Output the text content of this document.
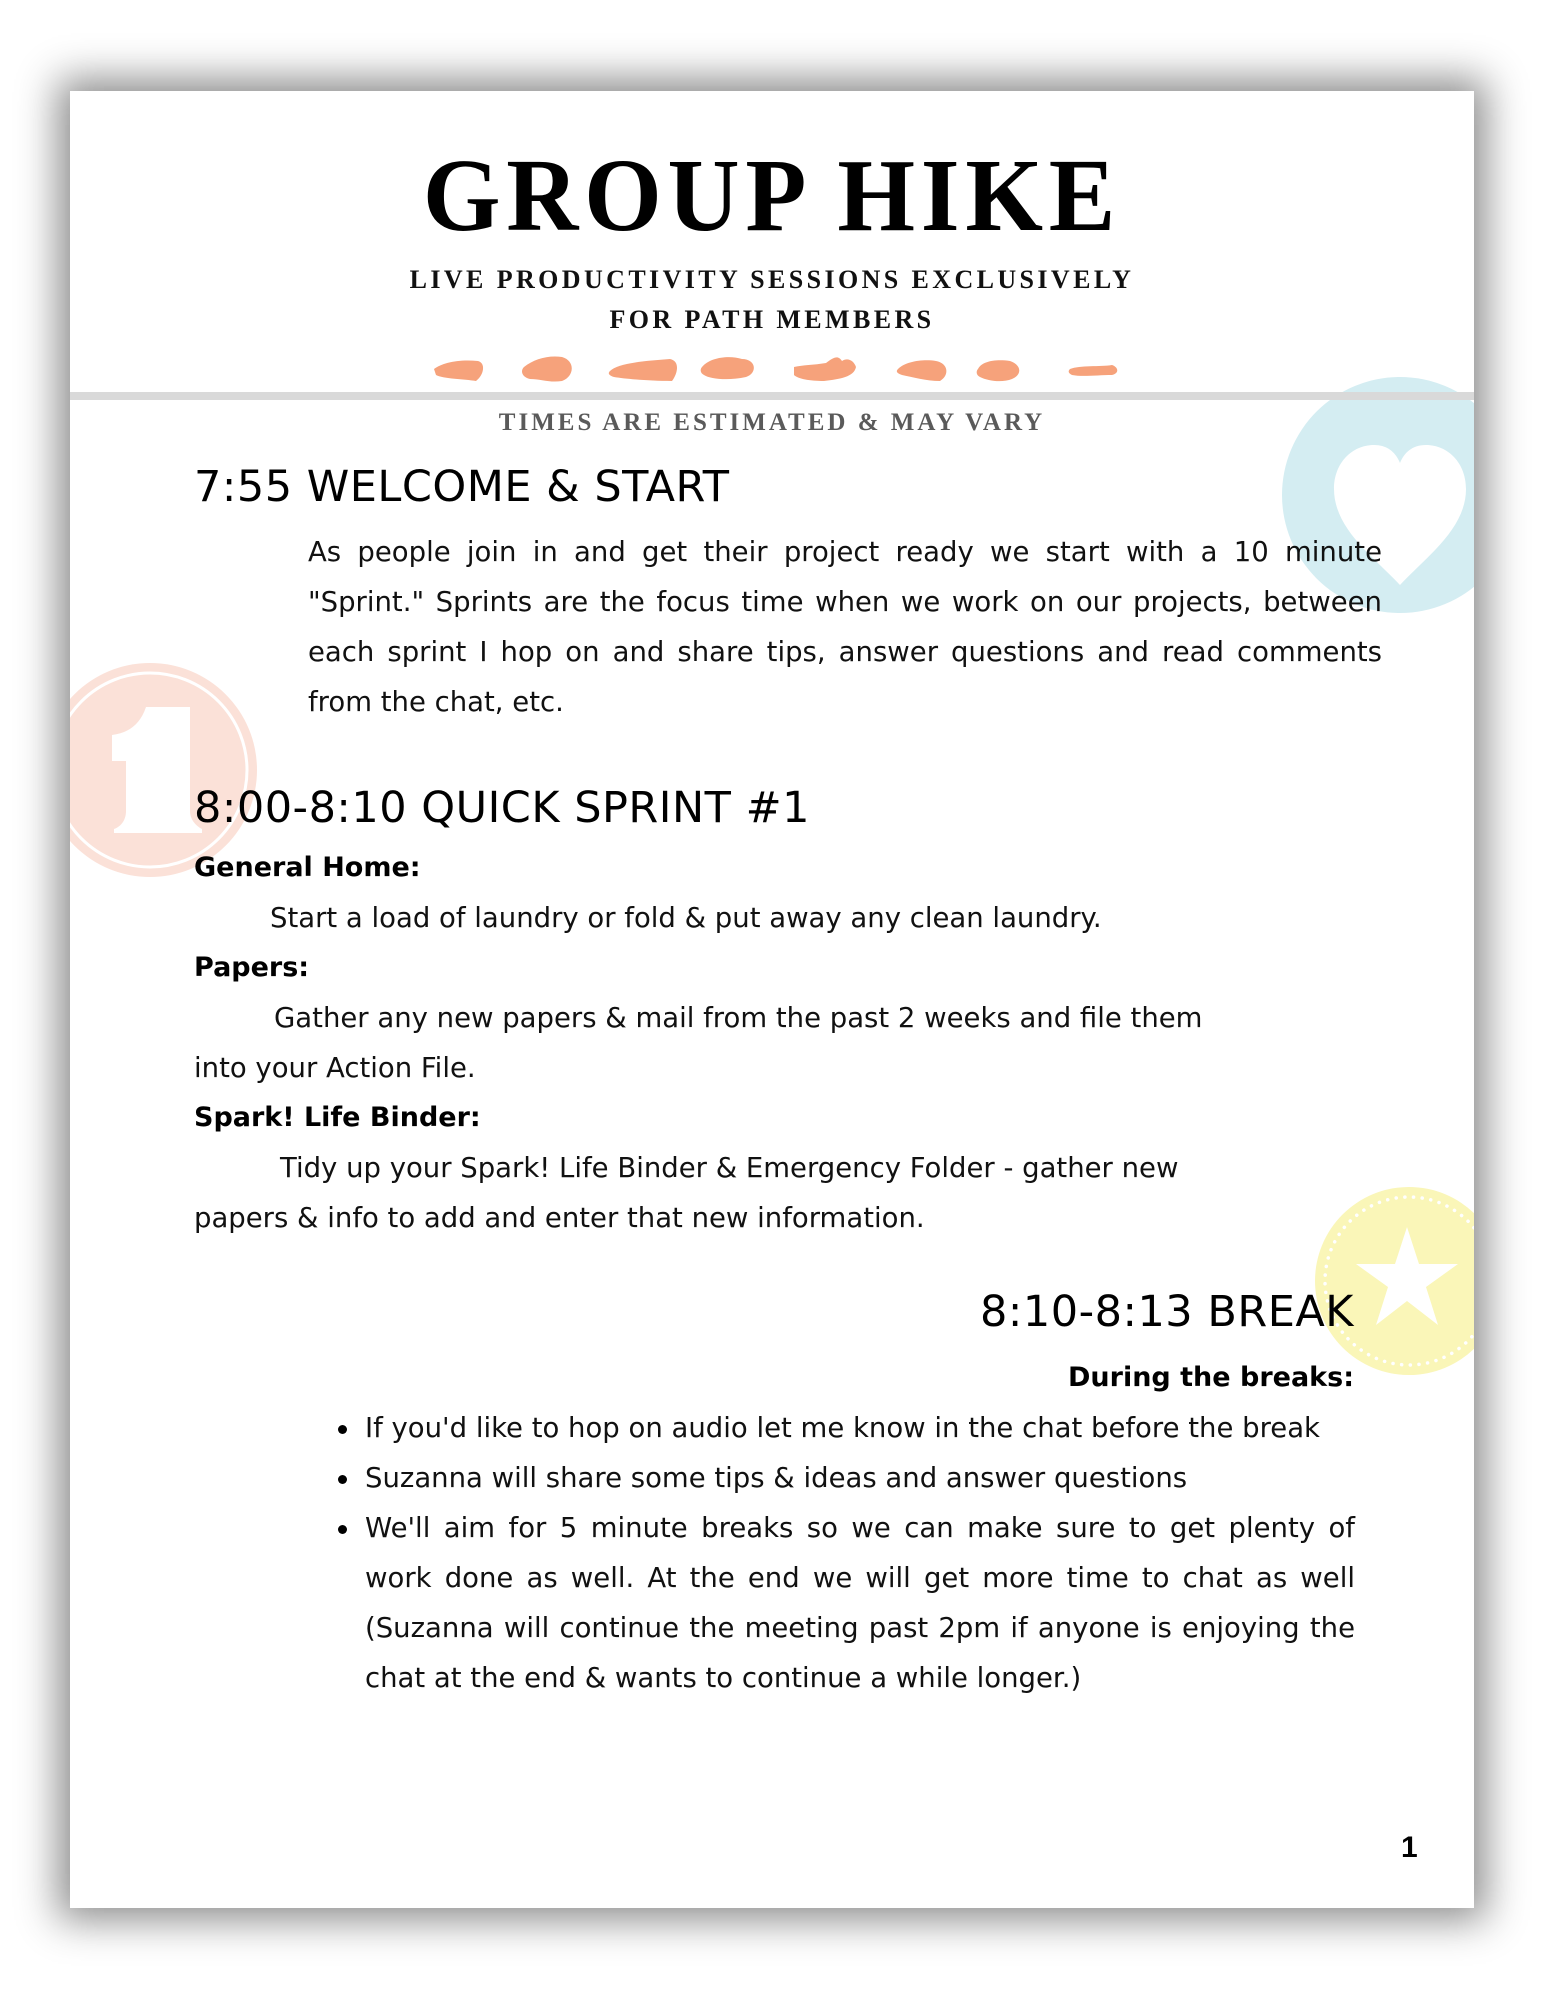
GROUP HIKE
LIVE PRODUCTIVITY SESSIONS EXCLUSIVELY
FOR PATH MEMBERS
TIMES ARE ESTIMATED & MAY VARY
7:55 WELCOME & START
As people join in and get their project ready we start with a 10 minute "Sprint." Sprints are the focus time when we work on our projects, between each sprint I hop on and share tips, answer questions and read comments from the chat, etc.
8:00-8:10 QUICK SPRINT #1
General Home:
Start a load of laundry or fold & put away any clean laundry.
Papers:
Gather any new papers & mail from the past 2 weeks and file them into your Action File.
Spark! Life Binder:
Tidy up your Spark! Life Binder & Emergency Folder - gather new papers & info to add and enter that new information.
8:10-8:13 BREAK
During the breaks:
If you'd like to hop on audio let me know in the chat before the break
Suzanna will share some tips & ideas and answer questions
We'll aim for 5 minute breaks so we can make sure to get plenty of work done as well. At the end we will get more time to chat as well (Suzanna will continue the meeting past 2pm if anyone is enjoying the chat at the end & wants to continue a while longer.)
1
